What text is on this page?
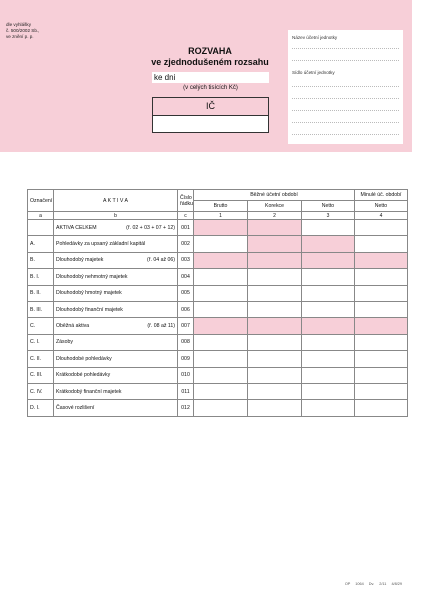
dle vyhlášky
č. 500/2002 Sb.,
ve znění p. p.
ROZVAHA
ve zjednodušeném rozsahu
ke dni
(v celých tisících Kč)
IČ
Název účetní jednotky
Sídlo účetní jednotky
Označení	A K T I V A	Číslo řádku	Běžné účetní období			Minulé úč. období
			Brutto	Korekce	Netto	Netto
a	b	c	1	2	3	4
	AKTIVA CELKEM (ř. 02 + 03 + 07 + 12)	001				
A.	Pohledávky za upsaný základní kapitál	002				
B.	Dlouhodobý majetek (ř. 04 až 06)	003				
B. I.	Dlouhodobý nehmotný majetek	004				
B. II.	Dlouhodobý hmotný majetek	005				
B. III.	Dlouhodobý finanční majetek	006				
C.	Oběžná aktiva (ř. 08 až 11)	007				
C. I.	Zásoby	008				
C. II.	Dlouhodobé pohledávky	009				
C. III.	Krátkodobé pohledávky	010				
C. IV.	Krátkodobý finanční majetek	011				
D. I.	Časové rozlišení	012				
OP 1064 Dv. 2/11 4/8/29
